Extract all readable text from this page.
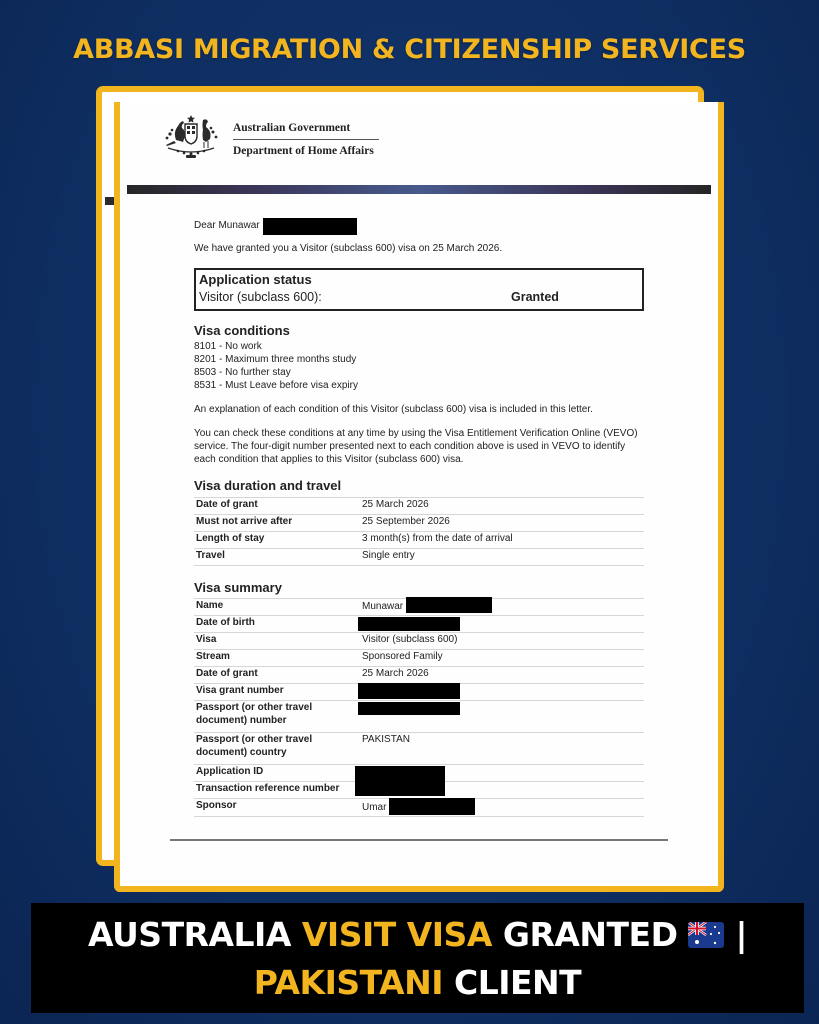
ABBASI MIGRATION & CITIZENSHIP SERVICES
Australian Government
Department of Home Affairs
Dear Munawar
We have granted you a Visitor (subclass 600) visa on 25 March 2026.
Application status
Visitor (subclass 600):	Granted
Visa conditions
8101 - No work
8201 - Maximum three months study
8503 - No further stay
8531 - Must Leave before visa expiry
An explanation of each condition of this Visitor (subclass 600) visa is included in this letter.
You can check these conditions at any time by using the Visa Entitlement Verification Online (VEVO) service. The four-digit number presented next to each condition above is used in VEVO to identify each condition that applies to this Visitor (subclass 600) visa.
Visa duration and travel
Date of grant	25 March 2026
Must not arrive after	25 September 2026
Length of stay	3 month(s) from the date of arrival
Travel	Single entry
Visa summary
Name	Munawar
Date of birth	
Visa	Visitor (subclass 600)
Stream	Sponsored Family
Date of grant	25 March 2026
Visa grant number	
Passport (or other travel document) number	
Passport (or other travel document) country	PAKISTAN
Application ID	
Transaction reference number	
Sponsor	Umar
AUSTRALIA VISIT VISA GRANTED  |
PAKISTANI CLIENT
